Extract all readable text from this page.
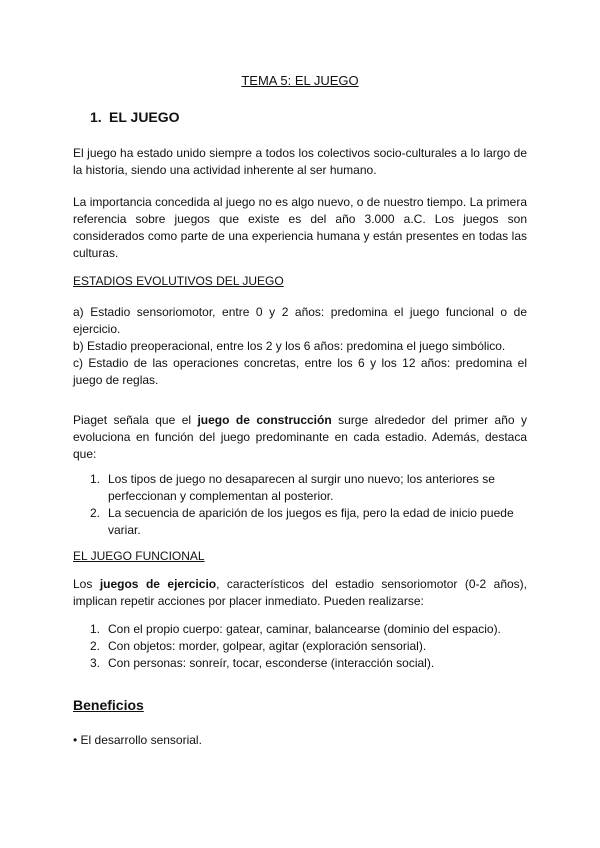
TEMA 5: EL JUEGO
1. EL JUEGO
El juego ha estado unido siempre a todos los colectivos socio-culturales a lo largo de la historia, siendo una actividad inherente al ser humano.
La importancia concedida al juego no es algo nuevo, o de nuestro tiempo. La primera referencia sobre juegos que existe es del año 3.000 a.C. Los juegos son considerados como parte de una experiencia humana y están presentes en todas las culturas.
ESTADIOS EVOLUTIVOS DEL JUEGO
a) Estadio sensoriomotor, entre 0 y 2 años: predomina el juego funcional o de ejercicio.
b) Estadio preoperacional, entre los 2 y los 6 años: predomina el juego simbólico.
c) Estadio de las operaciones concretas, entre los 6 y los 12 años: predomina el juego de reglas.
Piaget señala que el juego de construcción surge alrededor del primer año y evoluciona en función del juego predominante en cada estadio. Además, destaca que:
1. Los tipos de juego no desaparecen al surgir uno nuevo; los anteriores se perfeccionan y complementan al posterior.
2. La secuencia de aparición de los juegos es fija, pero la edad de inicio puede variar.
EL JUEGO FUNCIONAL
Los juegos de ejercicio, característicos del estadio sensoriomotor (0-2 años), implican repetir acciones por placer inmediato. Pueden realizarse:
1. Con el propio cuerpo: gatear, caminar, balancearse (dominio del espacio).
2. Con objetos: morder, golpear, agitar (exploración sensorial).
3. Con personas: sonreír, tocar, esconderse (interacción social).
Beneficios
• El desarrollo sensorial.
